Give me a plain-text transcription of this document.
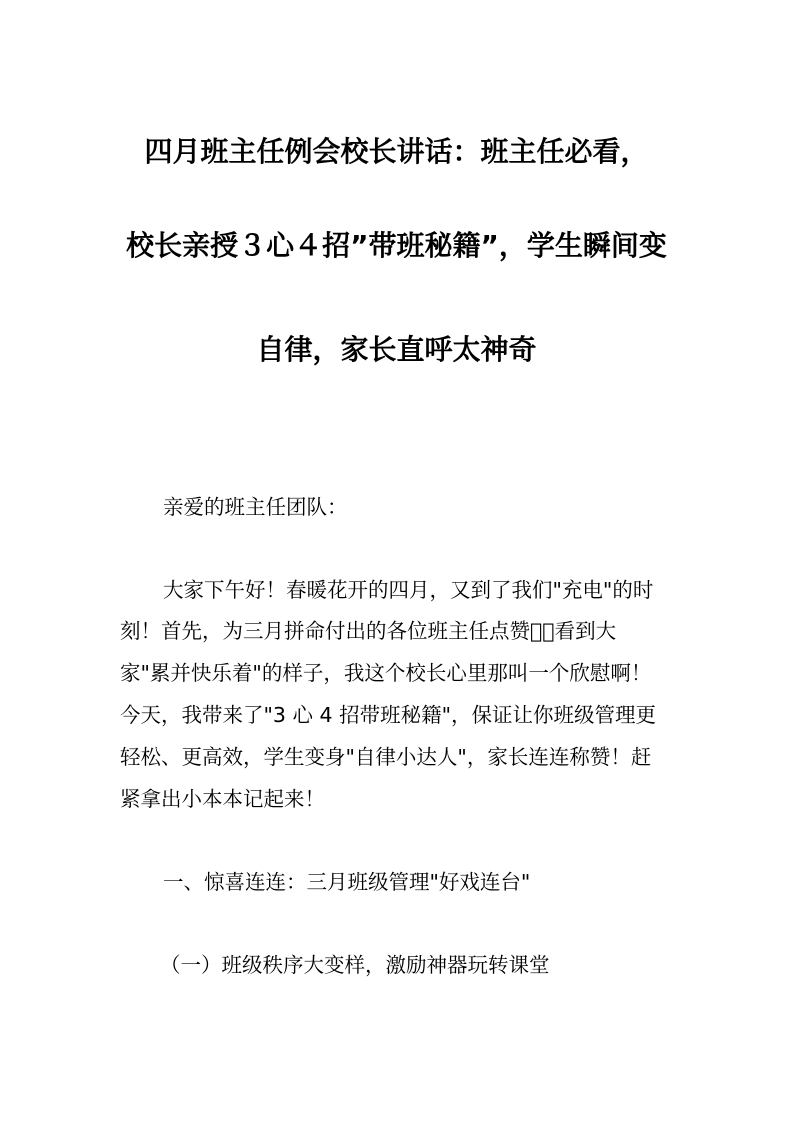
四月班主任例会校长讲话：班主任必看，
校长亲授３心４招”带班秘籍”，学生瞬间变
自律，家长直呼太神奇
亲爱的班主任团队：
大家下午好！春暖花开的四月，又到了我们"充电"的时
刻！首先，为三月拼命付出的各位班主任点赞􏿽！看到大
家"累并快乐着"的样子，我这个校长心里那叫一个欣慰啊！
今天，我带来了"3 心 4 招带班秘籍"，保证让你班级管理更
轻松、更高效，学生变身"自律小达人"，家长连连称赞！赶
紧拿出小本本记起来！
一、惊喜连连：三月班级管理"好戏连台"
（一）班级秩序大变样，激励神器玩转课堂
